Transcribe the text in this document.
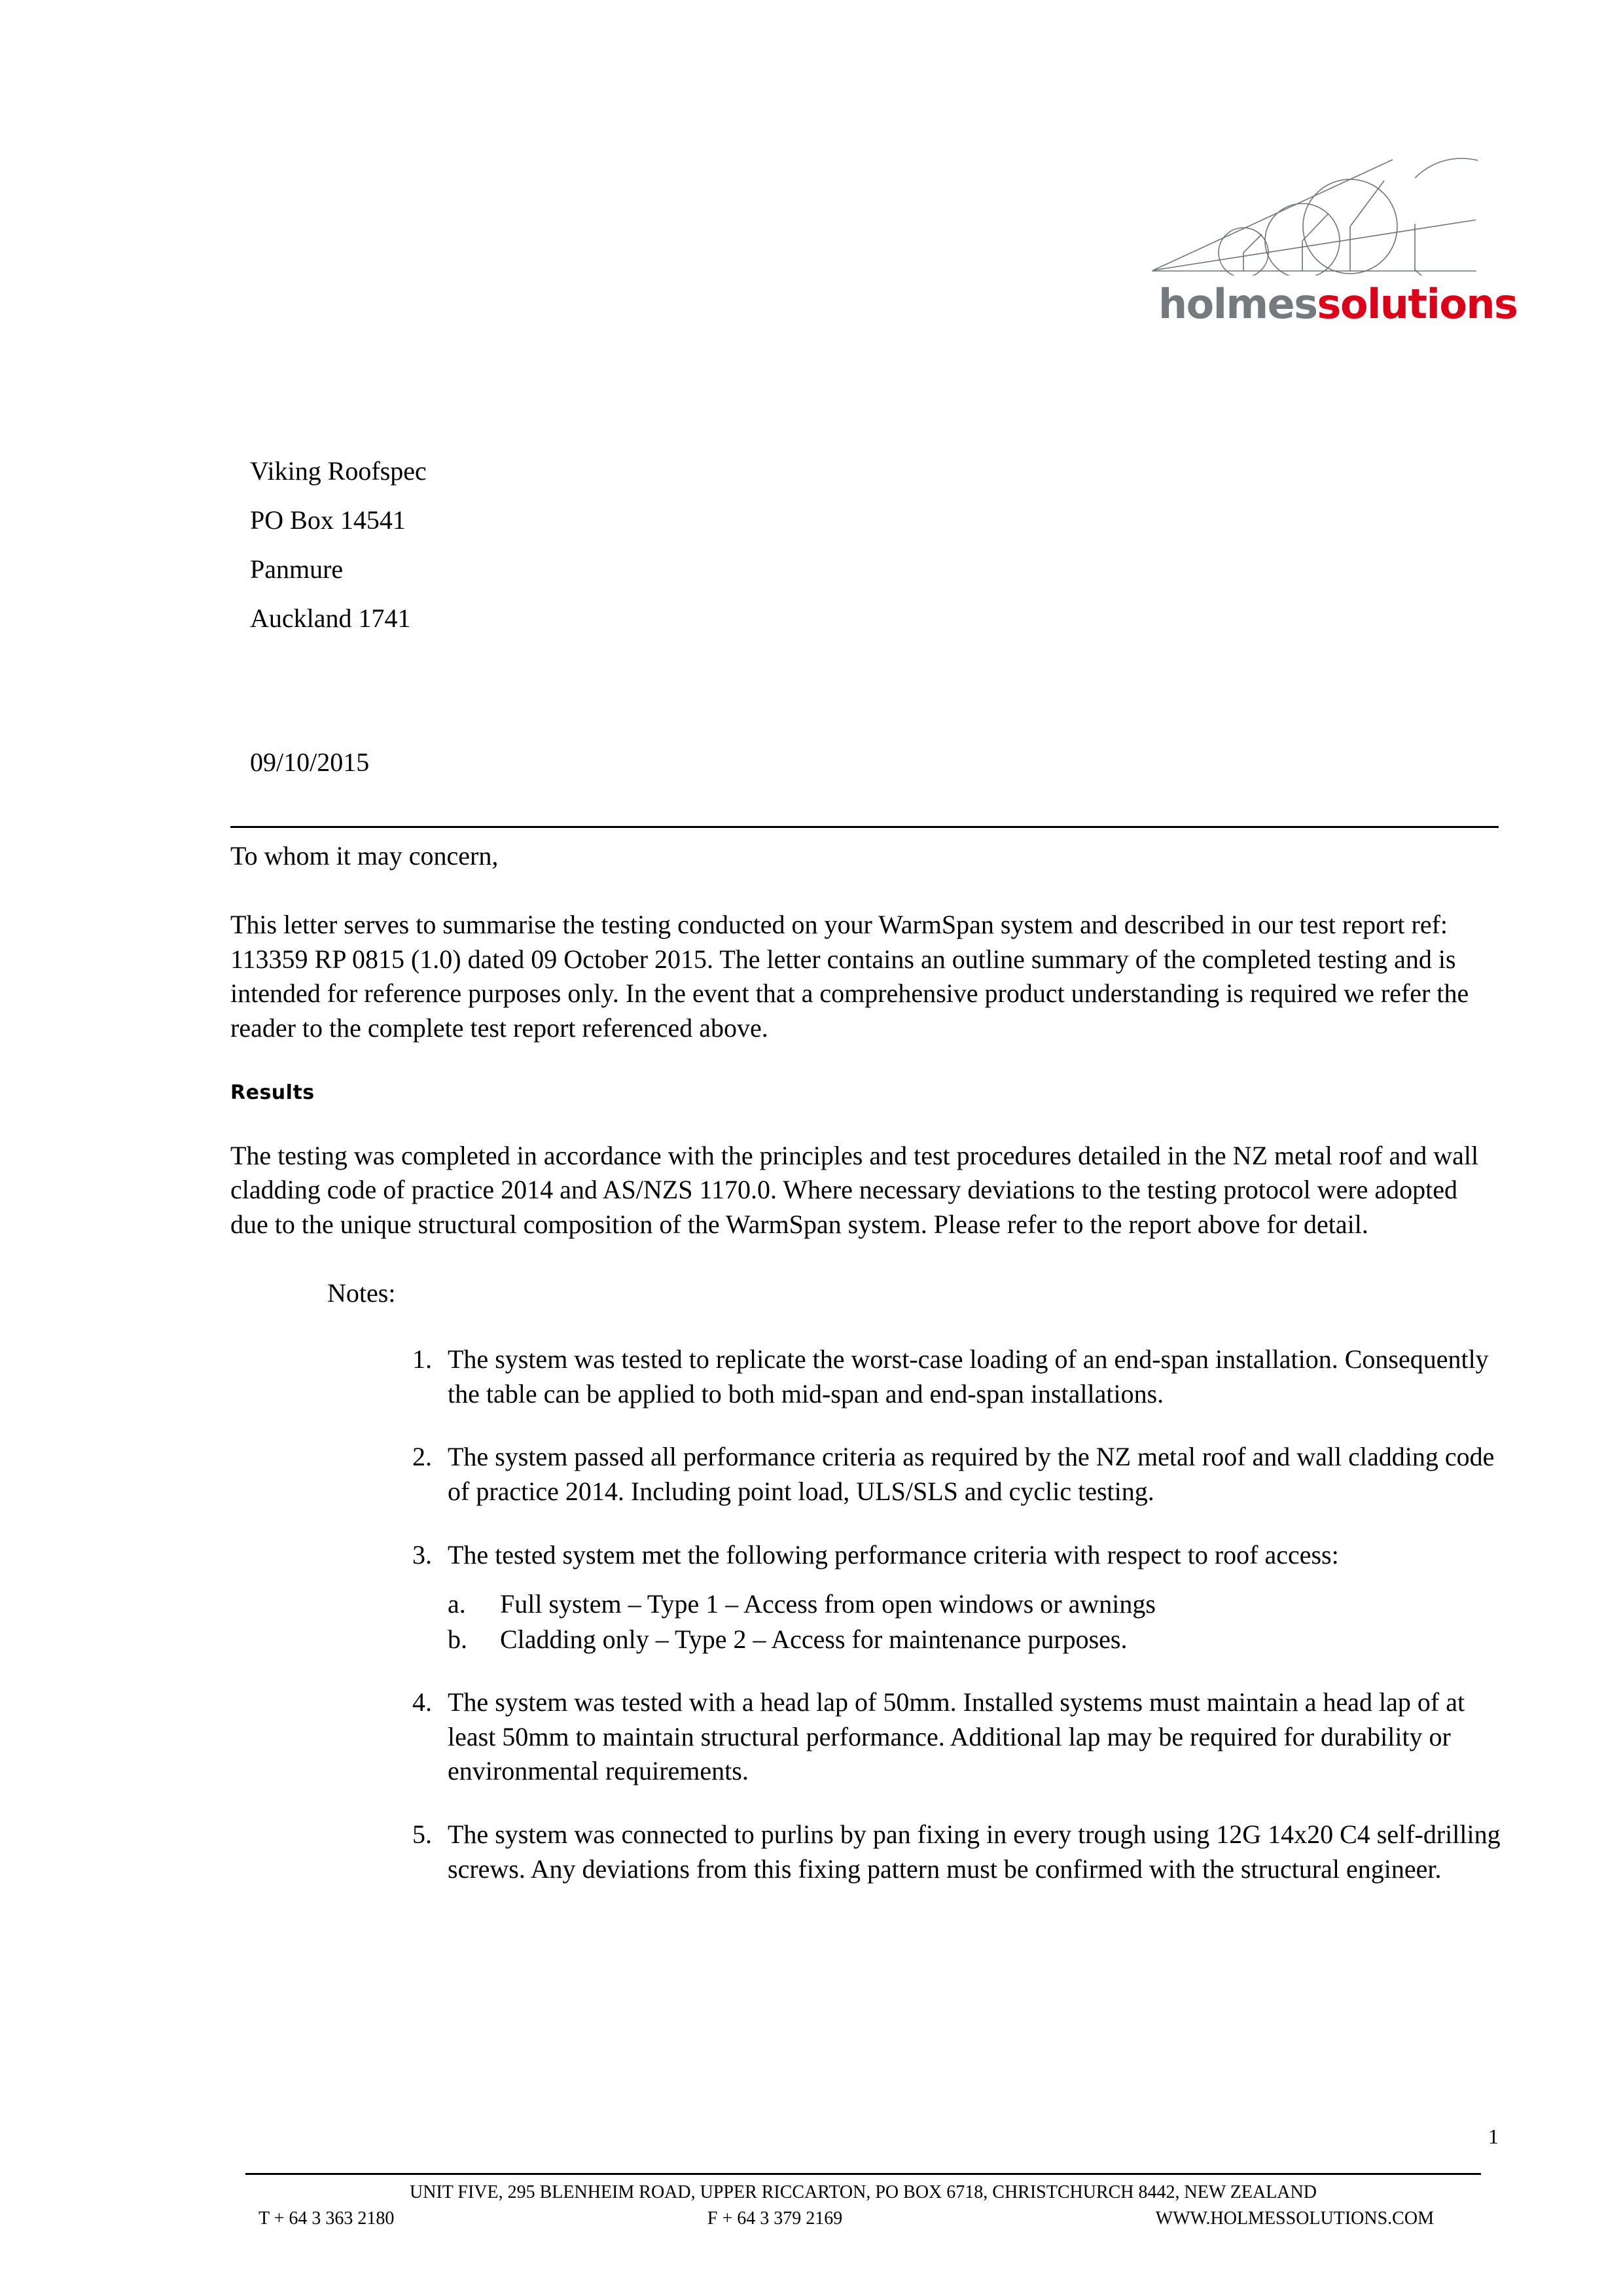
holmessolutions
Viking Roofspec
PO Box 14541
Panmure
Auckland 1741
09/10/2015

To whom it may concern,

This letter serves to summarise the testing conducted on your WarmSpan system and described in our test report ref: 113359 RP 0815 (1.0) dated 09 October 2015. The letter contains an outline summary of the completed testing and is intended for reference purposes only. In the event that a comprehensive product understanding is required we refer the reader to the complete test report referenced above.

Results

The testing was completed in accordance with the principles and test procedures detailed in the NZ metal roof and wall cladding code of practice 2014 and AS/NZS 1170.0. Where necessary deviations to the testing protocol were adopted due to the unique structural composition of the WarmSpan system. Please refer to the report above for detail.

Notes:

1. The system was tested to replicate the worst-case loading of an end-span installation. Consequently the table can be applied to both mid-span and end-span installations.
2. The system passed all performance criteria as required by the NZ metal roof and wall cladding code of practice 2014. Including point load, ULS/SLS and cyclic testing.
3. The tested system met the following performance criteria with respect to roof access:
a.	Full system – Type 1 – Access from open windows or awnings
b.	Cladding only – Type 2 – Access for maintenance purposes.
4. The system was tested with a head lap of 50mm. Installed systems must maintain a head lap of at least 50mm to maintain structural performance. Additional lap may be required for durability or environmental requirements.
5. The system was connected to purlins by pan fixing in every trough using 12G 14x20 C4 self-drilling screws. Any deviations from this fixing pattern must be confirmed with the structural engineer.
1
UNIT FIVE, 295 BLENHEIM ROAD, UPPER RICCARTON, PO BOX 6718, CHRISTCHURCH 8442, NEW ZEALAND
T + 64 3 363 2180	F + 64 3 379 2169	WWW.HOLMESSOLUTIONS.COM
